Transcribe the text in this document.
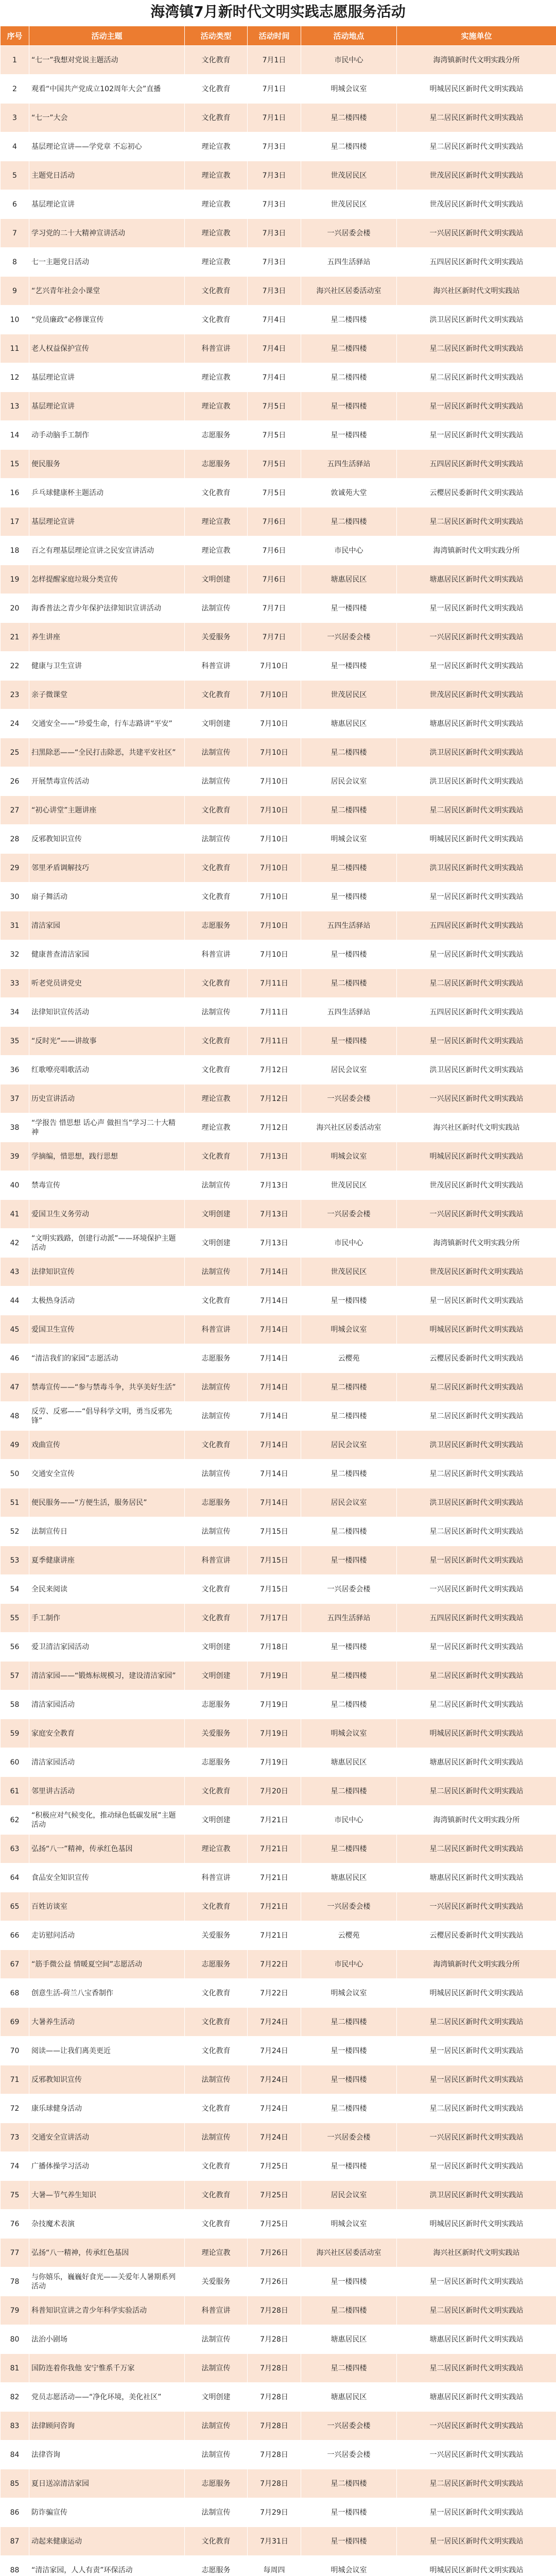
海湾镇7月新时代文明实践志愿服务活动
序号	活动主题	活动类型	活动时间	活动地点	实施单位
1	“七一”我想对党说主题活动	文化教育	7月1日	市民中心	海湾镇新时代文明实践分所
2	观看“中国共产党成立102周年大会”直播	文化教育	7月1日	明城会议室	明城居民区新时代文明实践站
3	“七一”大会	文化教育	7月1日	星二楼四楼	星二居民区新时代文明实践站
4	基层理论宣讲——学党章 不忘初心	理论宣教	7月3日	星二楼四楼	星二居民区新时代文明实践站
5	主题党日活动	理论宣教	7月3日	世茂居民区	世茂居民区新时代文明实践站
6	基层理论宣讲	理论宣教	7月3日	世茂居民区	世茂居民区新时代文明实践站
7	学习党的二十大精神宣讲活动	理论宣教	7月3日	一兴居委会楼	一兴居民区新时代文明实践站
8	七一主题党日活动	理论宣教	7月3日	五四生活驿站	五四居民区新时代文明实践站
9	“艺兴青年社会小课堂	文化教育	7月3日	海兴社区居委活动室	海兴社区新时代文明实践站
10	“党员廉政”必修课宣传	文化教育	7月4日	星二楼四楼	洪卫居民区新时代文明实践站
11	老人权益保护宣传	科普宣讲	7月4日	星二楼四楼	星二居民区新时代文明实践站
12	基层理论宣讲	理论宣教	7月4日	星二楼四楼	星二居民区新时代文明实践站
13	基层理论宣讲	理论宣教	7月5日	星一楼四楼	星一居民区新时代文明实践站
14	动手动脑手工制作	志愿服务	7月5日	星一楼四楼	星一居民区新时代文明实践站
15	便民服务	志愿服务	7月5日	五四生活驿站	五四居民区新时代文明实践站
16	乒乓球健康杯主题活动	文化教育	7月5日	敦诚苑大堂	云樱居民委新时代文明实践站
17	基层理论宣讲	理论宣教	7月6日	星二楼四楼	星二居民区新时代文明实践站
18	百之有理基层理论宣讲之民安宣讲活动	理论宣教	7月6日	市民中心	海湾镇新时代文明实践分所
19	怎样提醒家庭垃圾分类宣传	文明创建	7月6日	塘惠居民区	塘惠居民区新时代文明实践站
20	海香普法之青少年保护法律知识宣讲活动	法制宣传	7月7日	星一楼四楼	星一居民区新时代文明实践站
21	养生讲座	关爱服务	7月7日	一兴居委会楼	一兴居民区新时代文明实践站
22	健康与卫生宣讲	科普宣讲	7月10日	星一楼四楼	星一居民区新时代文明实践站
23	亲子微课堂	文化教育	7月10日	世茂居民区	世茂居民区新时代文明实践站
24	交通安全——“珍爱生命，行车志路讲“平安”	文明创建	7月10日	塘惠居民区	塘惠居民区新时代文明实践站
25	扫黑除恶——“全民打击除恶，共建平安社区”	法制宣传	7月10日	星二楼四楼	洪卫居民区新时代文明实践站
26	开展禁毒宣传活动	法制宣传	7月10日	居民会议室	洪卫居民区新时代文明实践站
27	“初心讲堂”主题讲座	文化教育	7月10日	星二楼四楼	星二居民区新时代文明实践站
28	反邪教知识宣传	法制宣传	7月10日	明城会议室	明城居民区新时代文明实践站
29	邻里矛盾调解技巧	文化教育	7月10日	星二楼四楼	洪卫居民区新时代文明实践站
30	扇子舞活动	文化教育	7月10日	星一楼四楼	星一居民区新时代文明实践站
31	清洁家园	志愿服务	7月10日	五四生活驿站	五四居民区新时代文明实践站
32	健康普查清洁家园	科普宣讲	7月10日	星一楼四楼	星一居民区新时代文明实践站
33	听老党员讲党史	文化教育	7月11日	星二楼四楼	星二居民区新时代文明实践站
34	法律知识宣传活动	法制宣传	7月11日	五四生活驿站	五四居民区新时代文明实践站
35	“反时光”——讲故事	文化教育	7月11日	星一楼四楼	星一居民区新时代文明实践站
36	红歌嘹亮唱歌活动	文化教育	7月12日	居民会议室	洪卫居民区新时代文明实践站
37	历史宣讲活动	理论宣教	7月12日	一兴居委会楼	一兴居民区新时代文明实践站
38	“学报告 惜思想 话心声 做担当”学习二十大精神	理论宣教	7月12日	海兴社区居委活动室	海兴社区新时代文明实践站
39	学摘编，惜思想，践行思想	文化教育	7月13日	明城会议室	明城居民区新时代文明实践站
40	禁毒宣传	法制宣传	7月13日	世茂居民区	世茂居民区新时代文明实践站
41	爱国卫生义务劳动	文明创建	7月13日	一兴居委会楼	一兴居民区新时代文明实践站
42	“文明实践路，创建行动派”——环境保护主题活动	文明创建	7月13日	市民中心	海湾镇新时代文明实践分所
43	法律知识宣传	法制宣传	7月14日	世茂居民区	世茂居民区新时代文明实践站
44	太极热身活动	文化教育	7月14日	星一楼四楼	星一居民区新时代文明实践站
45	爱国卫生宣传	科普宣讲	7月14日	明城会议室	明城居民区新时代文明实践站
46	“清洁我们的家园”志愿活动	志愿服务	7月14日	云樱苑	云樱居民委新时代文明实践站
47	禁毒宣传——“参与禁毒斗争，共享美好生活”	法制宣传	7月14日	星二楼四楼	星二居民区新时代文明实践站
48	反劳、反邪——“倡导科学文明，勇当反邪先锋”	法制宣传	7月14日	星二楼四楼	星二居民区新时代文明实践站
49	戏曲宣传	文化教育	7月14日	居民会议室	洪卫居民区新时代文明实践站
50	交通安全宣传	法制宣传	7月14日	星二楼四楼	星二居民区新时代文明实践站
51	便民服务——“方便生活，服务居民”	志愿服务	7月14日	居民会议室	洪卫居民区新时代文明实践站
52	法制宣传日	法制宣传	7月15日	星二楼四楼	星二居民区新时代文明实践站
53	夏季健康讲座	科普宣讲	7月15日	星一楼四楼	星一居民区新时代文明实践站
54	全民来阅读	文化教育	7月15日	一兴居委会楼	一兴居民区新时代文明实践站
55	手工制作	文化教育	7月17日	五四生活驿站	五四居民区新时代文明实践站
56	爱卫清洁家园活动	文明创建	7月18日	星一楼四楼	星一居民区新时代文明实践站
57	清洁家园——“锻炼标规模习，建设清洁家园”	文明创建	7月19日	星二楼四楼	星二居民区新时代文明实践站
58	清洁家园活动	志愿服务	7月19日	星二楼四楼	星二居民区新时代文明实践站
59	家庭安全教育	关爱服务	7月19日	明城会议室	明城居民区新时代文明实践站
60	清洁家园活动	志愿服务	7月19日	塘惠居民区	塘惠居民区新时代文明实践站
61	邻里讲古活动	文化教育	7月20日	星二楼四楼	星二居民区新时代文明实践站
62	“积极应对气候变化，推动绿色低碳发展”主题活动	文明创建	7月21日	市民中心	海湾镇新时代文明实践分所
63	弘扬“八一”精神，传承红色基因	理论宣教	7月21日	星二楼四楼	星二居民区新时代文明实践站
64	食品安全知识宣传	科普宣讲	7月21日	塘惠居民区	塘惠居民区新时代文明实践站
65	百姓访谈室	文化教育	7月21日	一兴居委会楼	一兴居民区新时代文明实践站
66	走访慰问活动	关爱服务	7月21日	云樱苑	云樱居民委新时代文明实践站
67	“筋手微公益 情暖夏空间”志愿活动	志愿服务	7月22日	市民中心	海湾镇新时代文明实践分所
68	创意生活-荷兰八宝香制作	文化教育	7月22日	明城会议室	明城居民区新时代文明实践站
69	大暑养生活动	文化教育	7月24日	星二楼四楼	星二居民区新时代文明实践站
70	阅读——让我们离美更近	文化教育	7月24日	星一楼四楼	星一居民区新时代文明实践站
71	反邪教知识宣传	法制宣传	7月24日	星一楼四楼	星一居民区新时代文明实践站
72	康乐球健身活动	文化教育	7月24日	星二楼四楼	星二居民区新时代文明实践站
73	交通安全宣讲活动	法制宣传	7月24日	一兴居委会楼	一兴居民区新时代文明实践站
74	广播体操学习活动	文化教育	7月25日	星一楼四楼	星一居民区新时代文明实践站
75	大暑—节气养生知识	文化教育	7月25日	居民会议室	洪卫居民区新时代文明实践站
76	杂技魔术表演	文化教育	7月25日	明城会议室	明城居民区新时代文明实践站
77	弘扬“八一精神，传承红色基因	理论宣教	7月26日	海兴社区居委活动室	海兴社区新时代文明实践站
78	与你嬉乐，巍巍好食光——关爱年人暑期系列活动	关爱服务	7月26日	星一楼四楼	星一居民区新时代文明实践站
79	科普知识宣讲之青少年科学实验活动	科普宣讲	7月28日	星二楼四楼	星二居民区新时代文明实践站
80	法治小剧场	法制宣传	7月28日	塘惠居民区	塘惠居民区新时代文明实践站
81	国防连着你我他 安宁惟系千万家	法制宣传	7月28日	星二楼四楼	星二居民区新时代文明实践站
82	党员志愿活动——“净化环境，美化社区”	文明创建	7月28日	塘惠居民区	塘惠居民区新时代文明实践站
83	法律顾问咨询	法制宣传	7月28日	一兴居委会楼	一兴居民区新时代文明实践站
84	法律咨询	法制宣传	7月28日	一兴居委会楼	一兴居民区新时代文明实践站
85	夏日送凉清洁家园	志愿服务	7月28日	星二楼四楼	星二居民区新时代文明实践站
86	防诈骗宣传	法制宣传	7月29日	星一楼四楼	星一居民区新时代文明实践站
87	动起来健康运动	文化教育	7月31日	星一楼四楼	星一居民区新时代文明实践站
88	“清洁家园，人人有责”环保活动	志愿服务	每周四	明城会议室	明城居民区新时代文明实践站
